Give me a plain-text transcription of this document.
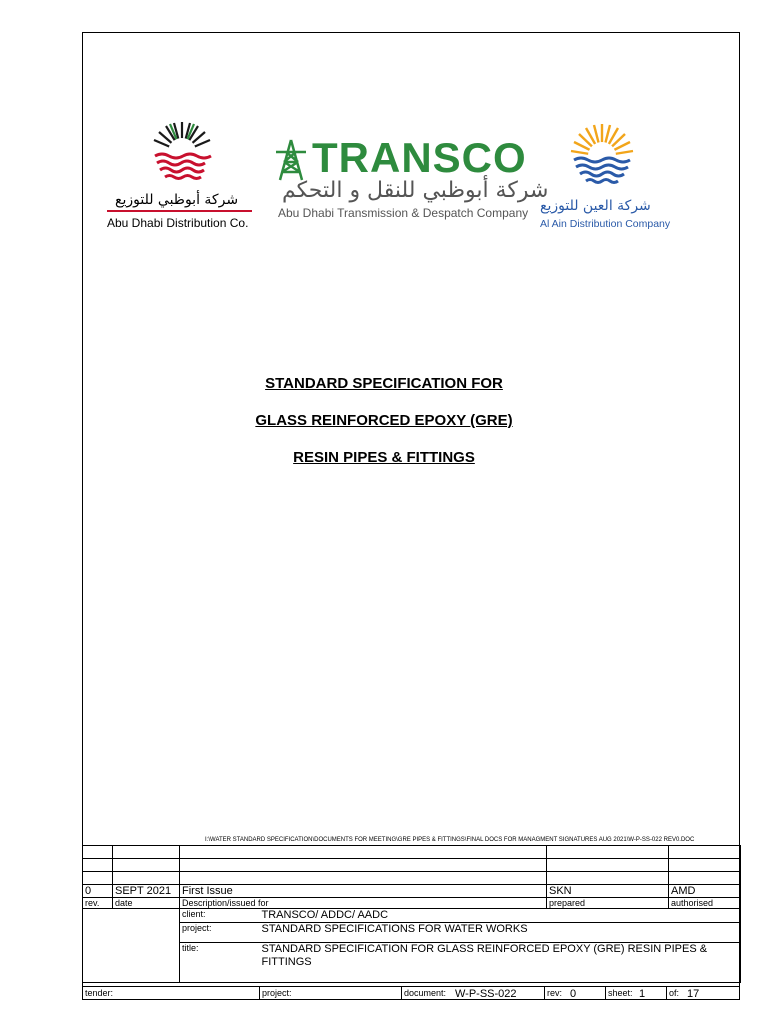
شركة أبوظبي للتوزيع
Abu Dhabi Distribution Co.
TRANSCO
شركة أبوظبي للنقل و التحكم
Abu Dhabi Transmission & Despatch Company شركة العين للتوزيع
Al Ain Distribution Company
STANDARD SPECIFICATION FOR
GLASS REINFORCED EPOXY (GRE)
RESIN PIPES & FITTINGS
I:\WATER STANDARD SPECIFICATION\DOCUMENTS FOR MEETING\GRE PIPES & FITTINGS\FINAL DOCS FOR MANAGMENT SIGNATURES AUG 2021\W-P-SS-022 REV0.DOC

0	SEPT 2021	First Issue		SKN	AMD
rev.	date	Description/issued for		prepared	authorised
		client:	TRANSCO/ ADDC/ AADC		
		project:	STANDARD SPECIFICATIONS FOR WATER WORKS		
		title:	STANDARD SPECIFICATION FOR GLASS REINFORCED EPOXY (GRE) RESIN PIPES &
FITTINGS		
tender:	project:	document: W-P-SS-022	rev: 0	sheet: 1	of: 17
